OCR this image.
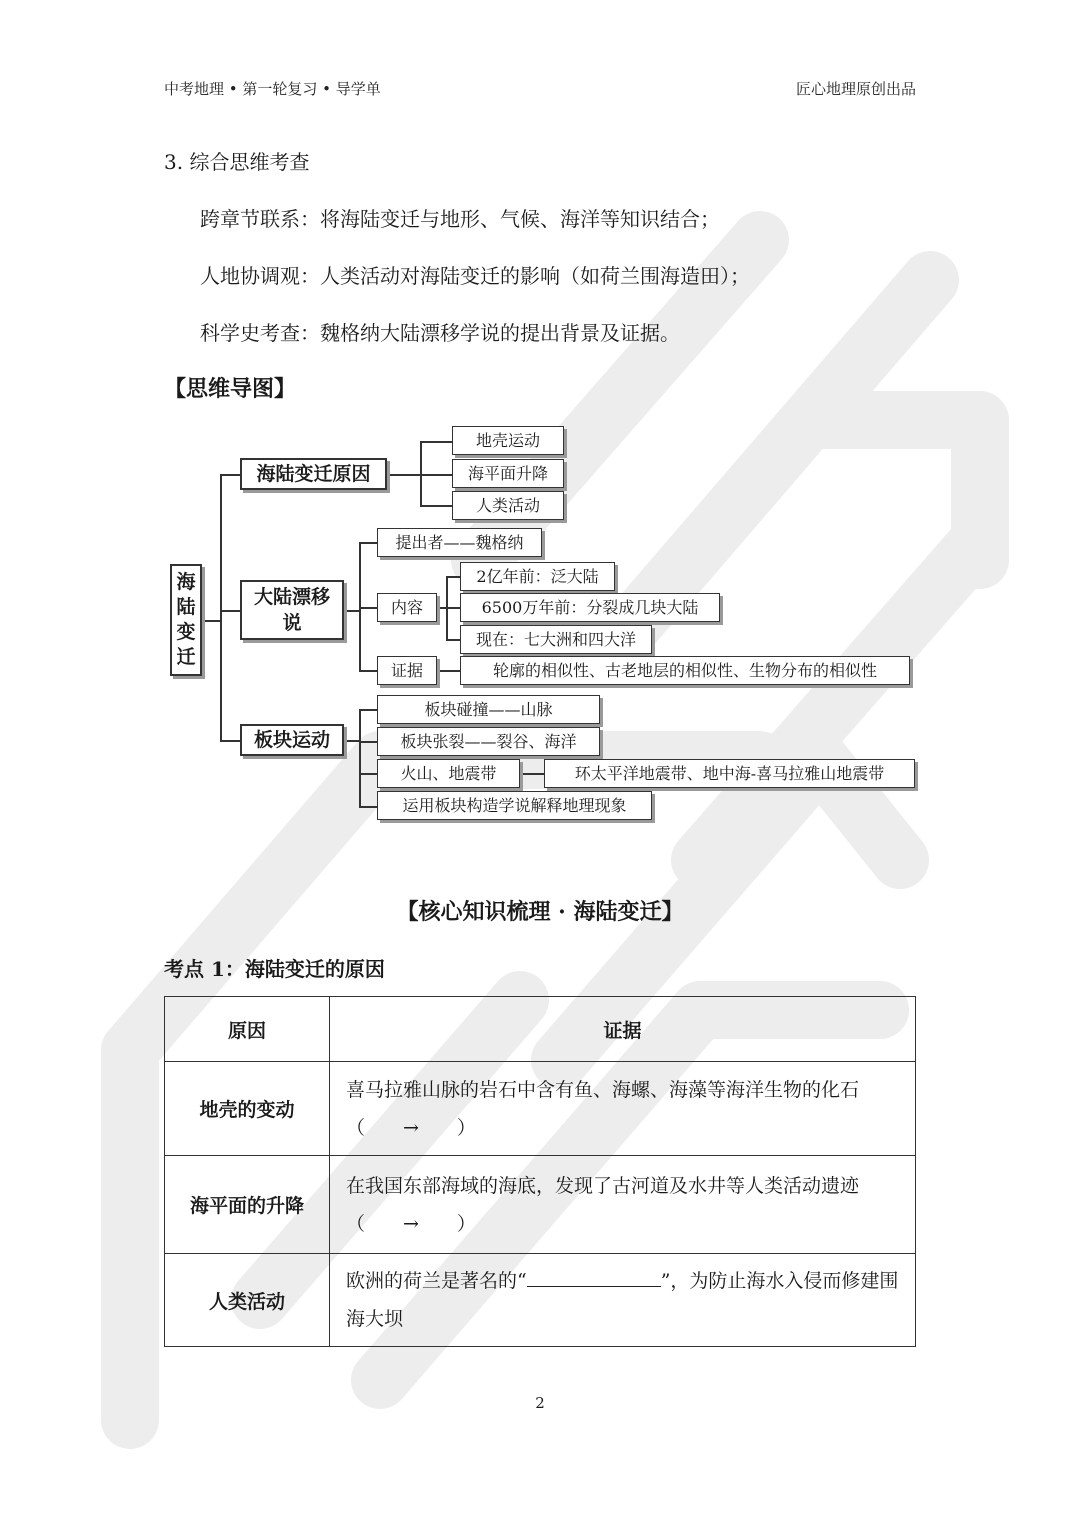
中考地理 • 第一轮复习 • 导学单	匠心地理原创出品
3. 综合思维考查
跨章节联系：将海陆变迁与地形、气候、海洋等知识结合；
人地协调观：人类活动对海陆变迁的影响（如荷兰围海造田）；
科学史考查：魏格纳大陆漂移学说的提出背景及证据。
【思维导图】
海陆变迁
海陆变迁原因
地壳运动
海平面升降
人类活动
大陆漂移说
提出者——魏格纳
内容
2亿年前：泛大陆
6500万年前：分裂成几块大陆
现在：七大洲和四大洋
证据	轮廓的相似性、古老地层的相似性、生物分布的相似性
板块运动
板块碰撞——山脉
板块张裂——裂谷、海洋
火山、地震带	环太平洋地震带、地中海-喜马拉雅山地震带
运用板块构造学说解释地理现象
【核心知识梳理 · 海陆变迁】
考点 1：海陆变迁的原因
原因	证据
地壳的变动	喜马拉雅山脉的岩石中含有鱼、海螺、海藻等海洋生物的化石（　　→　　）
海平面的升降	在我国东部海域的海底，发现了古河道及水井等人类活动遗迹（　　→　　）
人类活动	欧洲的荷兰是著名的“ ”，为防止海水入侵而修建围海大坝
2
